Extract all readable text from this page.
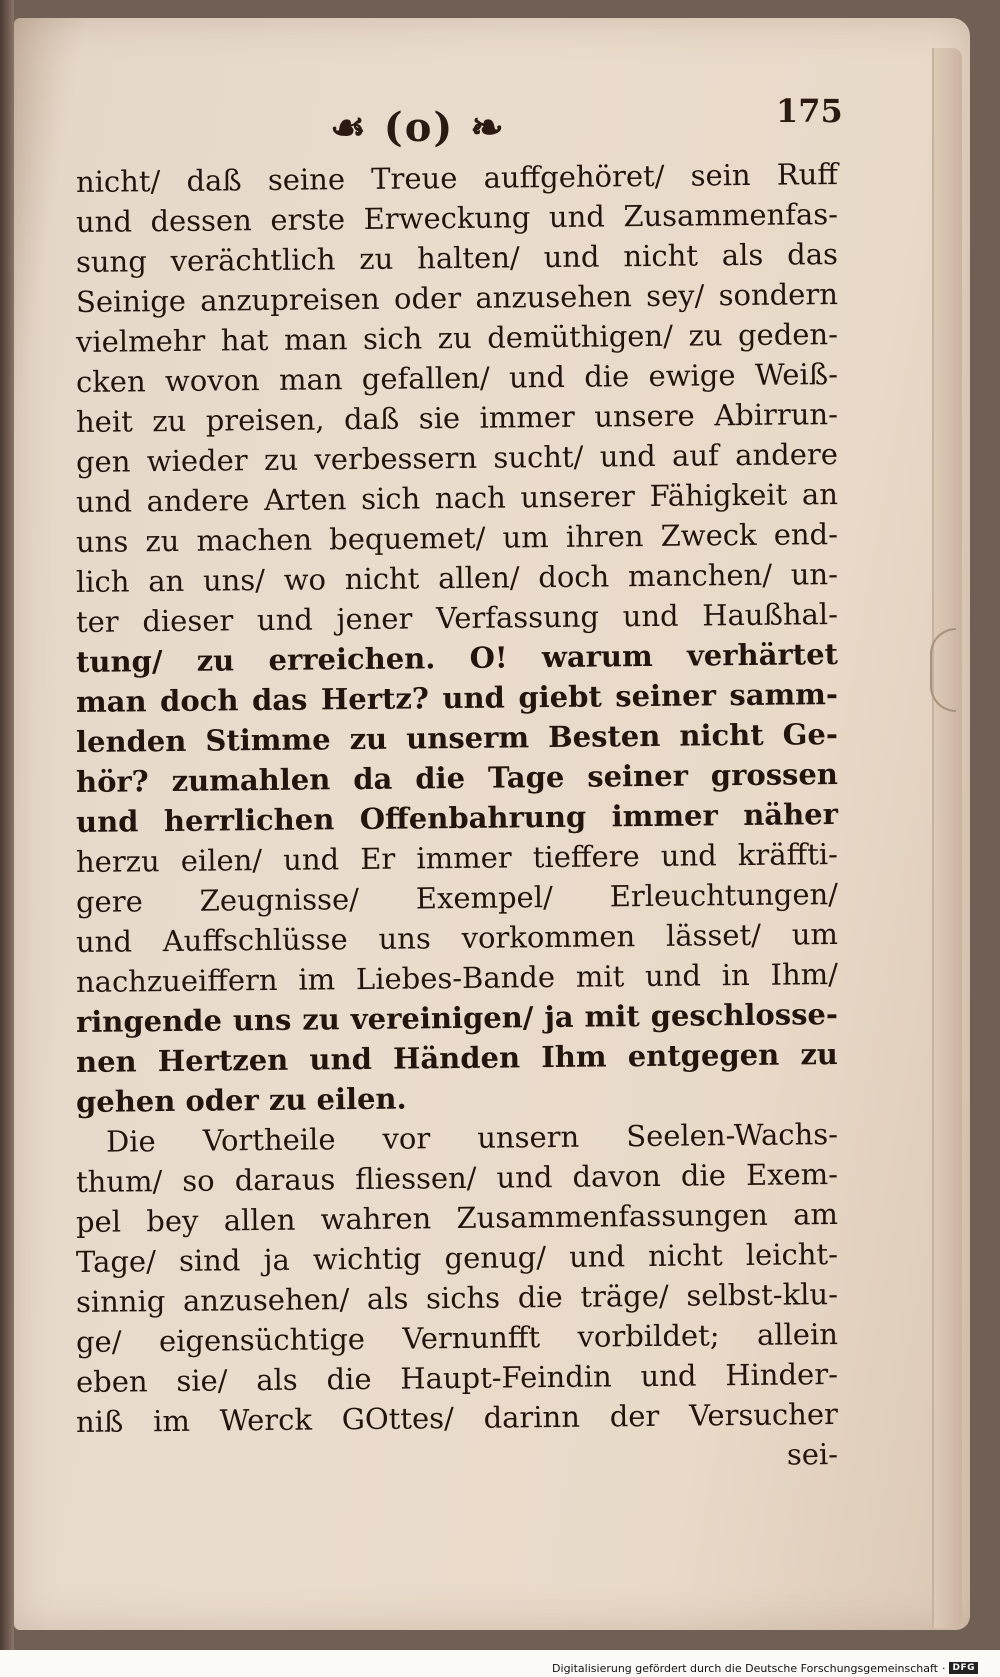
☙ (o) ❧	175
nicht/ daß seine Treue auffgehöret/ sein Ruff
und dessen erste Erweckung und Zusammenfas-
sung verächtlich zu halten/ und nicht als das
Seinige anzupreisen oder anzusehen sey/ sondern
vielmehr hat man sich zu demüthigen/ zu geden-
cken wovon man gefallen/ und die ewige Weiß-
heit zu preisen, daß sie immer unsere Abirrun-
gen wieder zu verbessern sucht/ und auf andere
und andere Arten sich nach unserer Fähigkeit an
uns zu machen bequemet/ um ihren Zweck end-
lich an uns/ wo nicht allen/ doch manchen/ un-
ter dieser und jener Verfassung und Haußhal-
tung/ zu erreichen. O! warum verhärtet
man doch das Hertz? und giebt seiner samm-
lenden Stimme zu unserm Besten nicht Ge-
hör? zumahlen da die Tage seiner grossen
und herrlichen Offenbahrung immer näher
herzu eilen/ und Er immer tieffere und kräffti-
gere Zeugnisse/ Exempel/ Erleuchtungen/
und Auffschlüsse uns vorkommen lässet/ um
nachzueiffern im Liebes-Bande mit und in Ihm/
ringende uns zu vereinigen/ ja mit geschlosse-
nen Hertzen und Händen Ihm entgegen zu
gehen oder zu eilen.
Die Vortheile vor unsern Seelen-Wachs-
thum/ so daraus fliessen/ und davon die Exem-
pel bey allen wahren Zusammenfassungen am
Tage/ sind ja wichtig genug/ und nicht leicht-
sinnig anzusehen/ als sichs die träge/ selbst-klu-
ge/ eigensüchtige Vernunfft vorbildet; allein
eben sie/ als die Haupt-Feindin und Hinder-
niß im Werck GOttes/ darinn der Versucher
sei-
Digitalisierung gefördert durch die Deutsche Forschungsgemeinschaft · DFG
